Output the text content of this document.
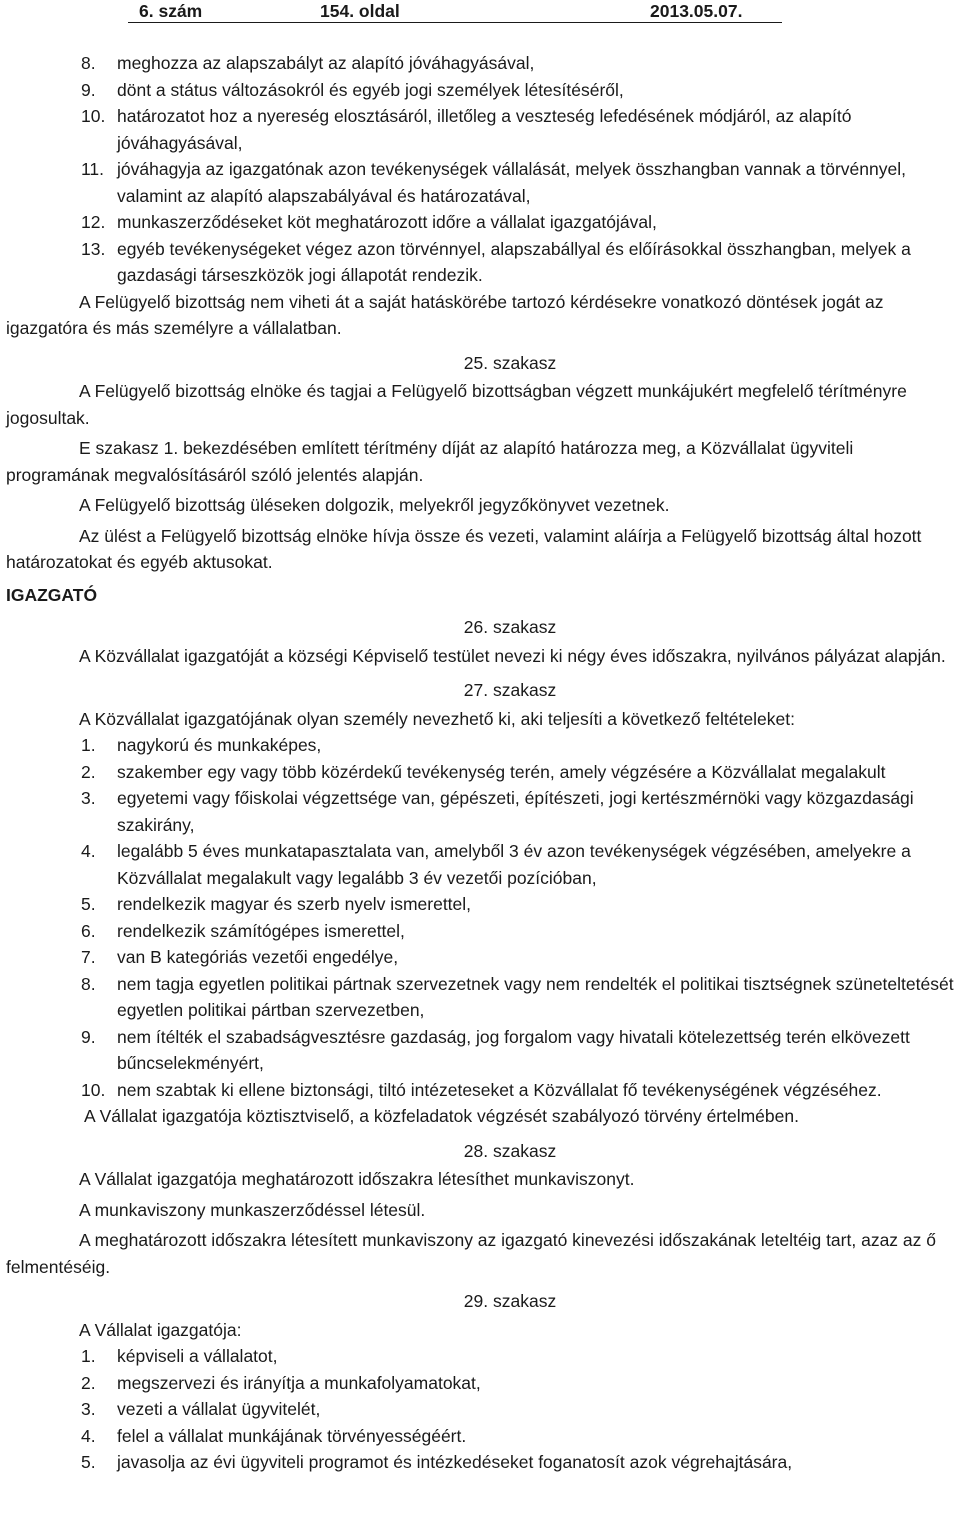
6. szám	154. oldal	2013.05.07.
8.	meghozza az alapszabályt az alapító jóváhagyásával,
9.	dönt a státus változásokról és egyéb jogi személyek létesítéséről,
10. határozatot hoz a nyereség elosztásáról, illetőleg a veszteség lefedésének módjáról, az alapító jóváhagyásával,
11. jóváhagyja az igazgatónak azon tevékenységek vállalását, melyek összhangban vannak a törvénnyel, valamint az alapító alapszabályával és határozatával,
12. munkaszerződéseket köt meghatározott időre a vállalat igazgatójával,
13. egyéb tevékenységeket végez azon törvénnyel, alapszabállyal és előírásokkal összhangban, melyek a gazdasági társeszközök jogi állapotát rendezik.

A Felügyelő bizottság nem viheti át a saját hatáskörébe tartozó kérdésekre vonatkozó döntések jogát az igazgatóra és más személyre a vállalatban.

25. szakasz

A Felügyelő bizottság elnöke és tagjai a Felügyelő bizottságban végzett munkájukért megfelelő térítményre jogosultak.

E szakasz 1. bekezdésében említett térítmény díját az alapító határozza meg, a Közvállalat ügyviteli programának megvalósításáról szóló jelentés alapján.

A Felügyelő bizottság üléseken dolgozik, melyekről jegyzőkönyvet vezetnek.

Az ülést a Felügyelő bizottság elnöke hívja össze és vezeti, valamint aláírja a Felügyelő bizottság által hozott határozatokat és egyéb aktusokat.

IGAZGATÓ
26. szakasz

A Közvállalat igazgatóját a községi Képviselő testület nevezi ki négy éves időszakra, nyilvános pályázat alapján.

27. szakasz

A Közvállalat igazgatójának olyan személy nevezhető ki, aki teljesíti a következő feltételeket:

1.	nagykorú és munkaképes,
2.	szakember egy vagy több közérdekű tevékenység terén, amely végzésére a Közvállalat megalakult
3.	egyetemi vagy főiskolai végzettsége van, gépészeti, építészeti, jogi kertészmérnöki vagy közgazdasági szakirány,
4.	legalább 5 éves munkatapasztalata van, amelyből 3 év azon tevékenységek végzésében, amelyekre a Közvállalat megalakult vagy legalább 3 év vezetői pozícióban,
5.	rendelkezik magyar és szerb nyelv ismerettel,
6.	rendelkezik számítógépes ismerettel,
7.	van B kategóriás vezetői engedélye,
8.	nem tagja egyetlen politikai pártnak szervezetnek vagy nem rendelték el politikai tisztségnek szüneteltetését egyetlen politikai pártban szervezetben,
9.	nem ítélték el szabadságvesztésre gazdaság, jog forgalom vagy hivatali kötelezettség terén elkövezett bűncselekményért,
10. nem szabtak ki ellene biztonsági, tiltó intézeteseket a Közvállalat fő tevékenységének végzéséhez.

A Vállalat igazgatója köztisztviselő, a közfeladatok végzését szabályozó törvény értelmében.

28. szakasz

A Vállalat igazgatója meghatározott időszakra létesíthet munkaviszonyt.

A munkaviszony munkaszerződéssel létesül.

A meghatározott időszakra létesített munkaviszony az igazgató kinevezési időszakának leteltéig tart, azaz az ő felmentéséig.

29. szakasz

A Vállalat igazgatója:

1.	képviseli a vállalatot,
2.	megszervezi és irányítja a munkafolyamatokat,
3.	vezeti a vállalat ügyvitelét,
4.	felel a vállalat munkájának törvényességéért.
5.	javasolja az évi ügyviteli programot és intézkedéseket foganatosít azok végrehajtására,
